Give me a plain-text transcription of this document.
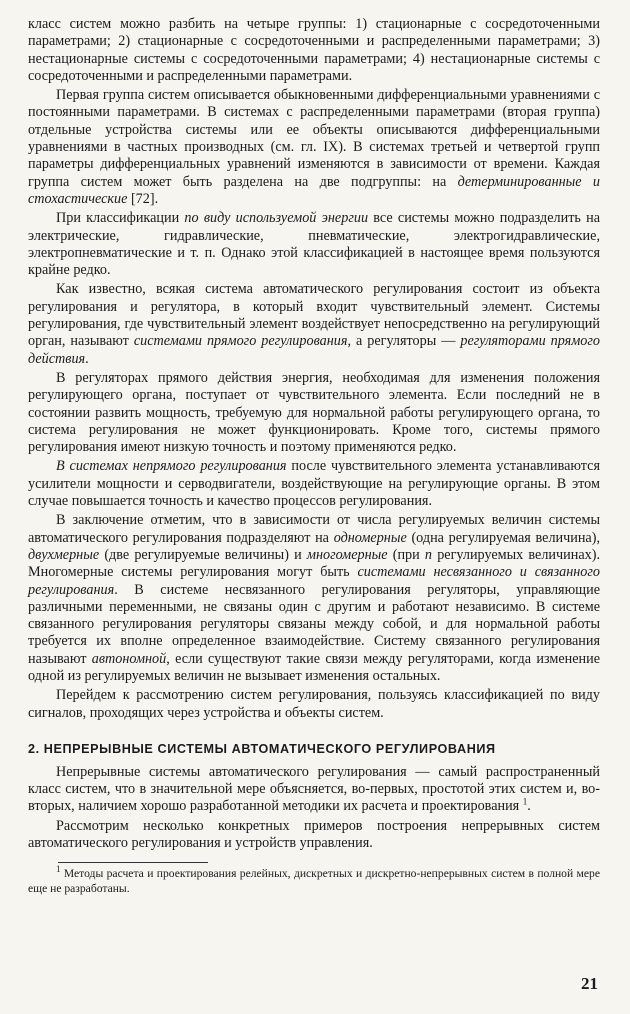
класс систем можно разбить на четыре группы: 1) стационарные с сосредоточенными параметрами; 2) стационарные с сосредоточенными и распределенными параметрами; 3) нестационарные системы с сосредоточенными параметрами; 4) нестационарные системы с сосредоточенными и распределенными параметрами.

Первая группа систем описывается обыкновенными дифференциальными уравнениями с постоянными параметрами. В системах с распределенными параметрами (вторая группа) отдельные устройства системы или ее объекты описываются дифференциальными уравнениями в частных производных (см. гл. IX). В системах третьей и четвертой групп параметры дифференциальных уравнений изменяются в зависимости от времени. Каждая группа систем может быть разделена на две подгруппы: на детерминированные и стохастические [72].

При классификации по виду используемой энергии все системы можно подразделить на электрические, гидравлические, пневматические, электрогидравлические, электропневматические и т. п. Однако этой классификацией в настоящее время пользуются крайне редко.

Как известно, всякая система автоматического регулирования состоит из объекта регулирования и регулятора, в который входит чувствительный элемент. Системы регулирования, где чувствительный элемент воздействует непосредственно на регулирующий орган, называют системами прямого регулирования, а регуляторы — регуляторами прямого действия.

В регуляторах прямого действия энергия, необходимая для изменения положения регулирующего органа, поступает от чувствительного элемента. Если последний не в состоянии развить мощность, требуемую для нормальной работы регулирующего органа, то система регулирования не может функционировать. Кроме того, системы прямого регулирования имеют низкую точность и поэтому применяются редко.

В системах непрямого регулирования после чувствительного элемента устанавливаются усилители мощности и серводвигатели, воздействующие на регулирующие органы. В этом случае повышается точность и качество процессов регулирования.

В заключение отметим, что в зависимости от числа регулируемых величин системы автоматического регулирования подразделяют на одномерные (одна регулируемая величина), двухмерные (две регулируемые величины) и многомерные (при n регулируемых величинах). Многомерные системы регулирования могут быть системами несвязанного и связанного регулирования. В системе несвязанного регулирования регуляторы, управляющие различными переменными, не связаны один с другим и работают независимо. В системе связанного регулирования регуляторы связаны между собой, и для нормальной работы требуется их вполне определенное взаимодействие. Систему связанного регулирования называют автономной, если существуют такие связи между регуляторами, когда изменение одной из регулируемых величин не вызывает изменения остальных.

Перейдем к рассмотрению систем регулирования, пользуясь классификацией по виду сигналов, проходящих через устройства и объекты систем.

2. НЕПРЕРЫВНЫЕ СИСТЕМЫ АВТОМАТИЧЕСКОГО РЕГУЛИРОВАНИЯ

Непрерывные системы автоматического регулирования — самый распространенный класс систем, что в значительной мере объясняется, во-первых, простотой этих систем и, во-вторых, наличием хорошо разработанной методики их расчета и проектирования $^1$.

Рассмотрим несколько конкретных примеров построения непрерывных систем автоматического регулирования и устройств управления.

$^1$ Методы расчета и проектирования релейных, дискретных и дискретно-непрерывных систем в полной мере еще не разработаны.

21
